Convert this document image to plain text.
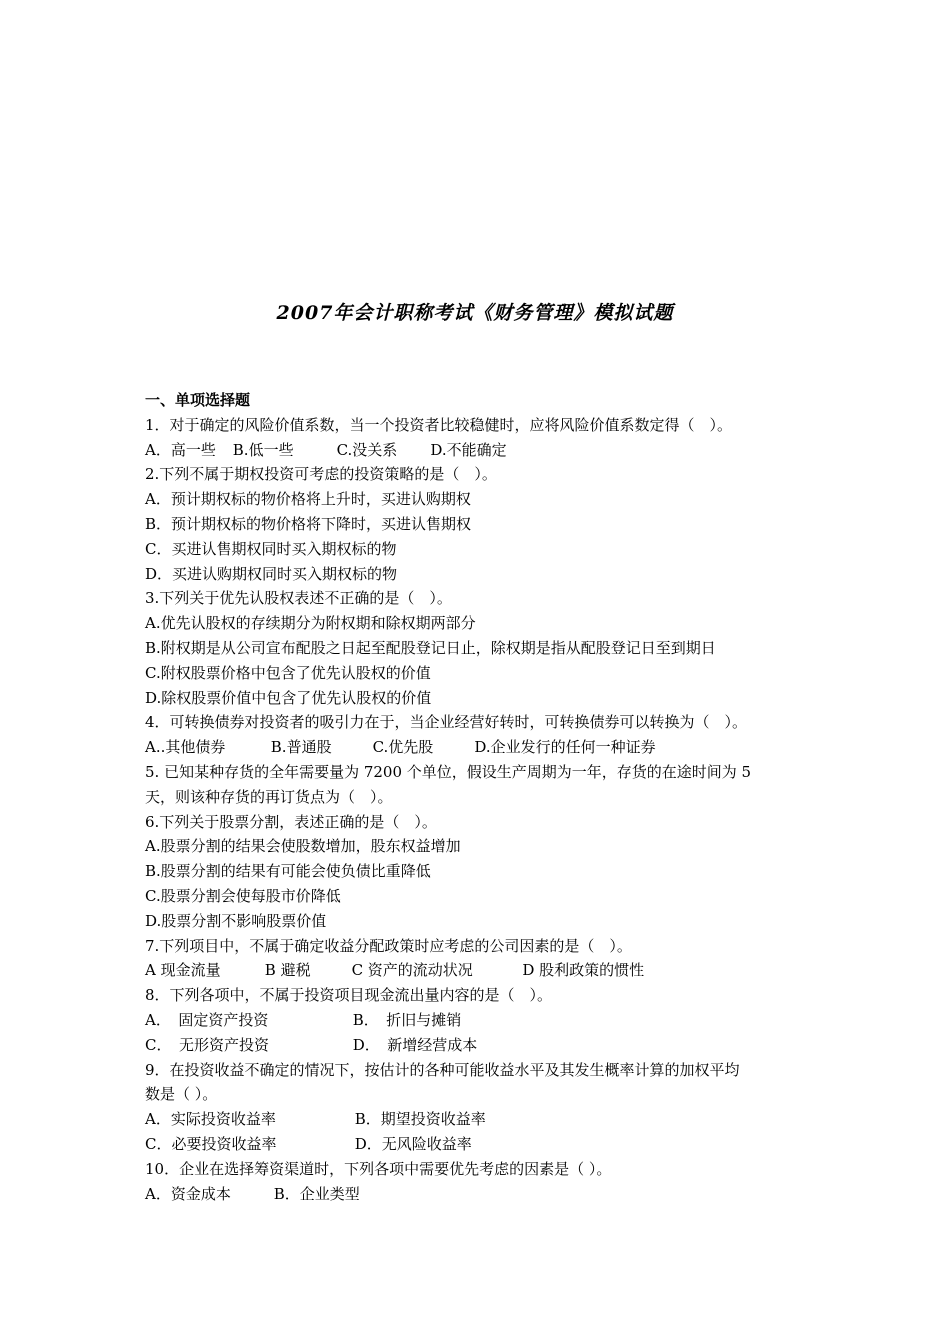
2007年会计职称考试《财务管理》模拟试题
一、单项选择题
1．对于确定的风险价值系数，当一个投资者比较稳健时，应将风险价值系数定得（　）。
A．高一些 B.低一些	C.没关系 D.不能确定
2.下列不属于期权投资可考虑的投资策略的是（　）。
A．预计期权标的物价格将上升时，买进认购期权
B．预计期权标的物价格将下降时，买进认售期权
C．买进认售期权同时买入期权标的物
D．买进认购期权同时买入期权标的物
3.下列关于优先认股权表述不正确的是（　）。
A.优先认股权的存续期分为附权期和除权期两部分
B.附权期是从公司宣布配股之日起至配股登记日止，除权期是指从配股登记日至到期日
C.附权股票价格中包含了优先认股权的价值
D.除权股票价值中包含了优先认股权的价值
4．可转换债券对投资者的吸引力在于，当企业经营好转时，可转换债券可以转换为（　）。
A..其他债券	B.普通股	C.优先股	D.企业发行的任何一种证券
5. 已知某种存货的全年需要量为 7200 个单位，假设生产周期为一年，存货的在途时间为 5
天，则该种存货的再订货点为（　）。
6.下列关于股票分割，表述正确的是（　）。
A.股票分割的结果会使股数增加，股东权益增加
B.股票分割的结果有可能会使负债比重降低
C.股票分割会使每股市价降低
D.股票分割不影响股票价值
7.下列项目中，不属于确定收益分配政策时应考虑的公司因素的是（　）。
A 现金流量	B 避税	C 资产的流动状况	D 股利政策的惯性
8．下列各项中，不属于投资项目现金流出量内容的是（　）。
A．　固定资产投资	B．　折旧与摊销
C．　无形资产投资	D．　新增经营成本
9．在投资收益不确定的情况下，按估计的各种可能收益水平及其发生概率计算的加权平均
数是（ ）。
A．实际投资收益率	B．期望投资收益率
C．必要投资收益率	D．无风险收益率
10．企业在选择筹资渠道时，下列各项中需要优先考虑的因素是（ ）。
A．资金成本	B．企业类型
